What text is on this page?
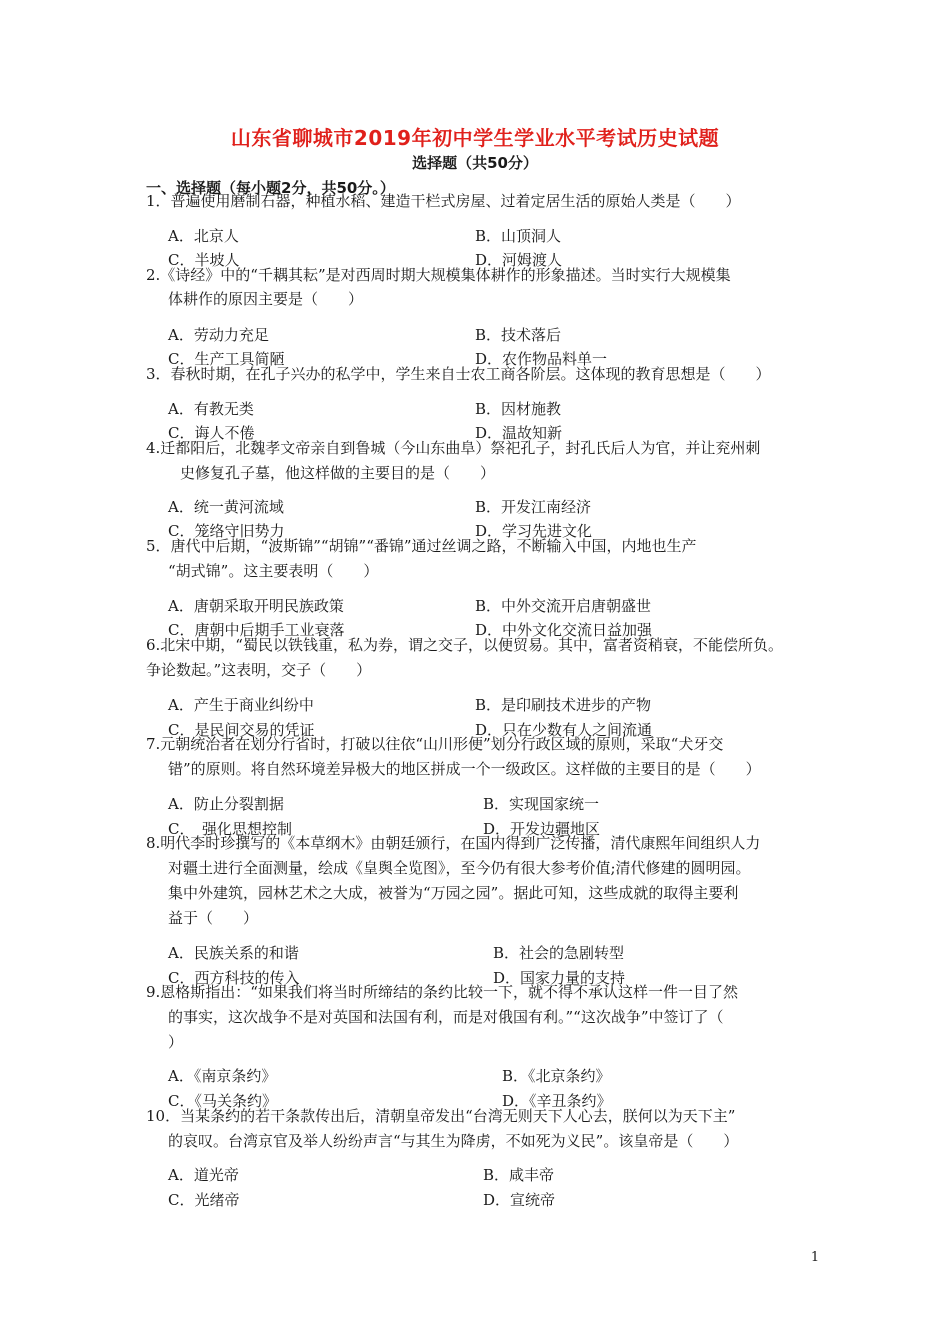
山东省聊城市2019年初中学生学业水平考试历史试题
选择题（共50分）
一、选择题（每小题2分，共50分。）
1．普遍使用磨制石器，种植水稻、建造干栏式房屋、过着定居生活的原始人类是（　　）
A．北京人	B．山顶洞人
C．半坡人	D．河姆渡人
2.《诗经》中的“千耦其耘”是对西周时期大规模集体耕作的形象描述。当时实行大规模集
体耕作的原因主要是（　　）
A．劳动力充足	B．技术落后
C．生产工具简陋	D．农作物品料单一
3．春秋时期，在孔子兴办的私学中，学生来自士农工商各阶层。这体现的教育思想是（　　）
A．有教无类	B．因材施教
C．诲人不倦	D．温故知新
4.迁都阳后，北魏孝文帝亲自到鲁城（今山东曲阜）祭祀孔子，封孔氏后人为官，并让兖州刺
史修复孔子墓，他这样做的主要目的是（　　）
A．统一黄河流域	B．开发江南经济
C．笼络守旧势力	D．学习先进文化
5．唐代中后期，“波斯锦”“胡锦”“番锦”通过丝调之路，不断输入中国，内地也生产
“胡式锦”。这主要表明（　　）
A．唐朝采取开明民族政策	B．中外交流开启唐朝盛世
C．唐朝中后期手工业衰落	D．中外文化交流日益加强
6.北宋中期，“蜀民以铁钱重，私为券，谓之交子，以便贸易。其中，富者资稍衰，不能偿所负。
争论数起。”这表明，交子（　　）
A．产生于商业纠纷中	B．是印刷技术进步的产物
C．是民间交易的凭证	D．只在少数有人之间流通
7.元朝统治者在划分行省时，打破以往依“山川形便”划分行政区域的原则，采取“犬牙交
错”的原则。将自然环境差异极大的地区拼成一个一级政区。这样做的主要目的是（　　）
A．防止分裂割据	B．实现国家统一
C．　强化思想控制	D．开发边疆地区
8.明代李时珍撰写的《本草纲木》由朝廷颁行，在国内得到广泛传播，清代康熙年间组织人力
对疆土进行全面测量，绘成《皇舆全览图》，至今仍有很大参考价值;清代修建的圆明园。
集中外建筑，园林艺术之大成，被誉为“万园之园”。据此可知，这些成就的取得主要利
益于（　　）
A．民族关系的和谐	B．社会的急剧转型
C．西方科技的传入	D．国家力量的支持
9.恩格斯指出：“如果我们将当时所缔结的条约比较一下，就不得不承认这样一件一目了然
的事实，这次战争不是对英国和法国有利，而是对俄国有利。”“这次战争”中签订了（
）
A．《南京条约》	B．《北京条约》
C．《马关条约》	D．《辛丑条约》
10．当某条约的若干条款传出后，清朝皇帝发出“台湾无则天下人心去，朕何以为天下主”
的哀叹。台湾京官及举人纷纷声言“与其生为降虏，不如死为义民”。该皇帝是（　　）
A．道光帝	B．咸丰帝
C．光绪帝	D．宣统帝
1
